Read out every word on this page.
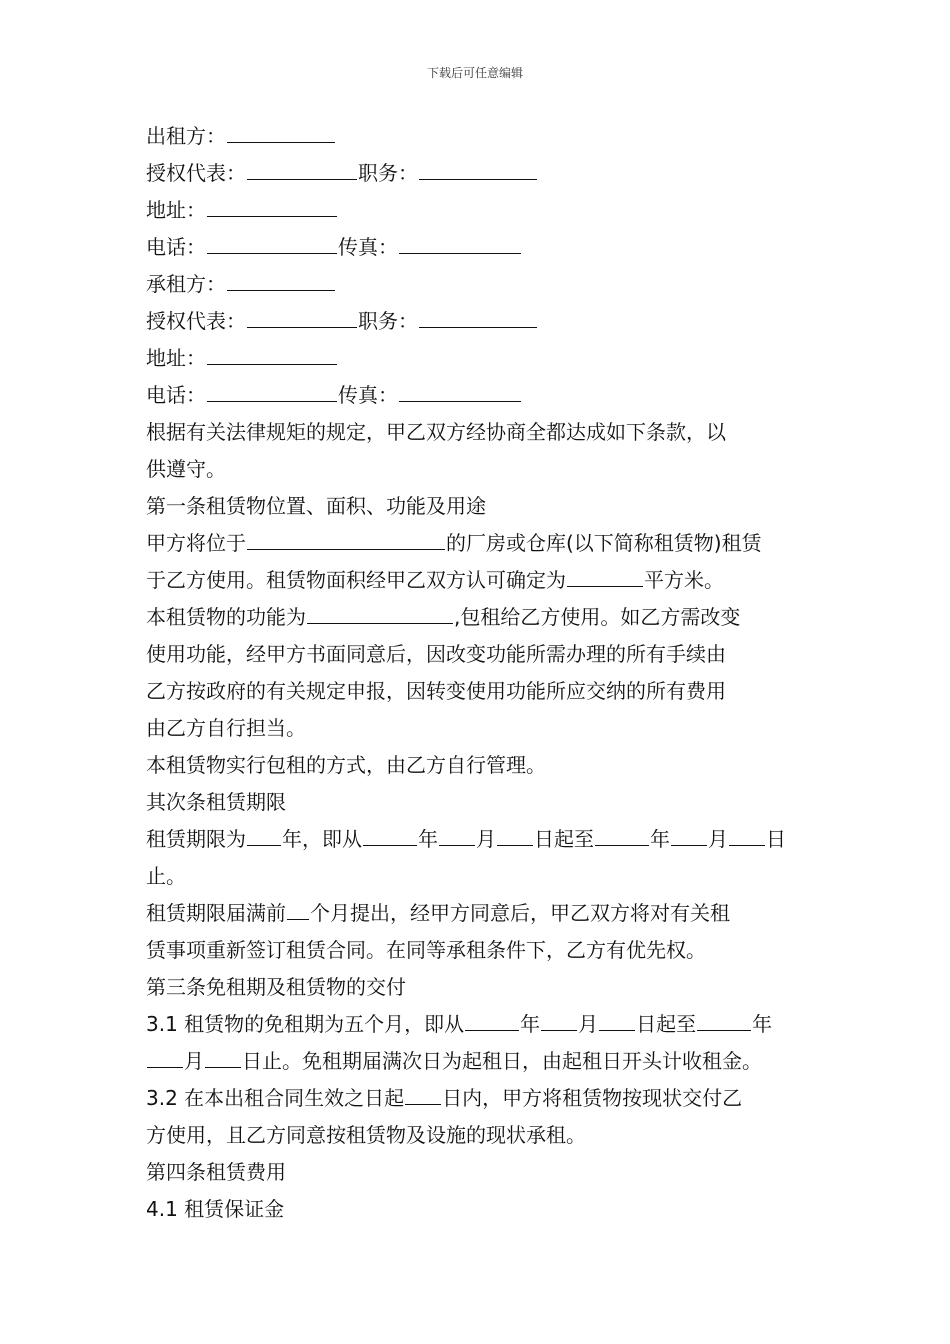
下载后可任意编辑
出租方：
授权代表：	职务：
地址：
电话：	传真：
承租方：
授权代表：	职务：
地址：
电话：	传真：
根据有关法律规矩的规定，甲乙双方经协商全都达成如下条款，以
供遵守。
第一条租赁物位置、面积、功能及用途
甲方将位于	的厂房或仓库(以下简称租赁物)租赁
于乙方使用。租赁物面积经甲乙双方认可确定为	平方米。
本租赁物的功能为	,包租给乙方使用。如乙方需改变
使用功能，经甲方书面同意后，因改变功能所需办理的所有手续由
乙方按政府的有关规定申报，因转变使用功能所应交纳的所有费用
由乙方自行担当。
本租赁物实行包租的方式，由乙方自行管理。
其次条租赁期限
租赁期限为 年，即从	年 月 日起至	年 月 日
止。
租赁期限届满前 个月提出，经甲方同意后，甲乙双方将对有关租
赁事项重新签订租赁合同。在同等承租条件下，乙方有优先权。
第三条免租期及租赁物的交付
3.1 租赁物的免租期为五个月，即从	年 月 日起至	年
月 日止。免租期届满次日为起租日，由起租日开头计收租金。
3.2 在本出租合同生效之日起 日内，甲方将租赁物按现状交付乙
方使用，且乙方同意按租赁物及设施的现状承租。
第四条租赁费用
4.1 租赁保证金
